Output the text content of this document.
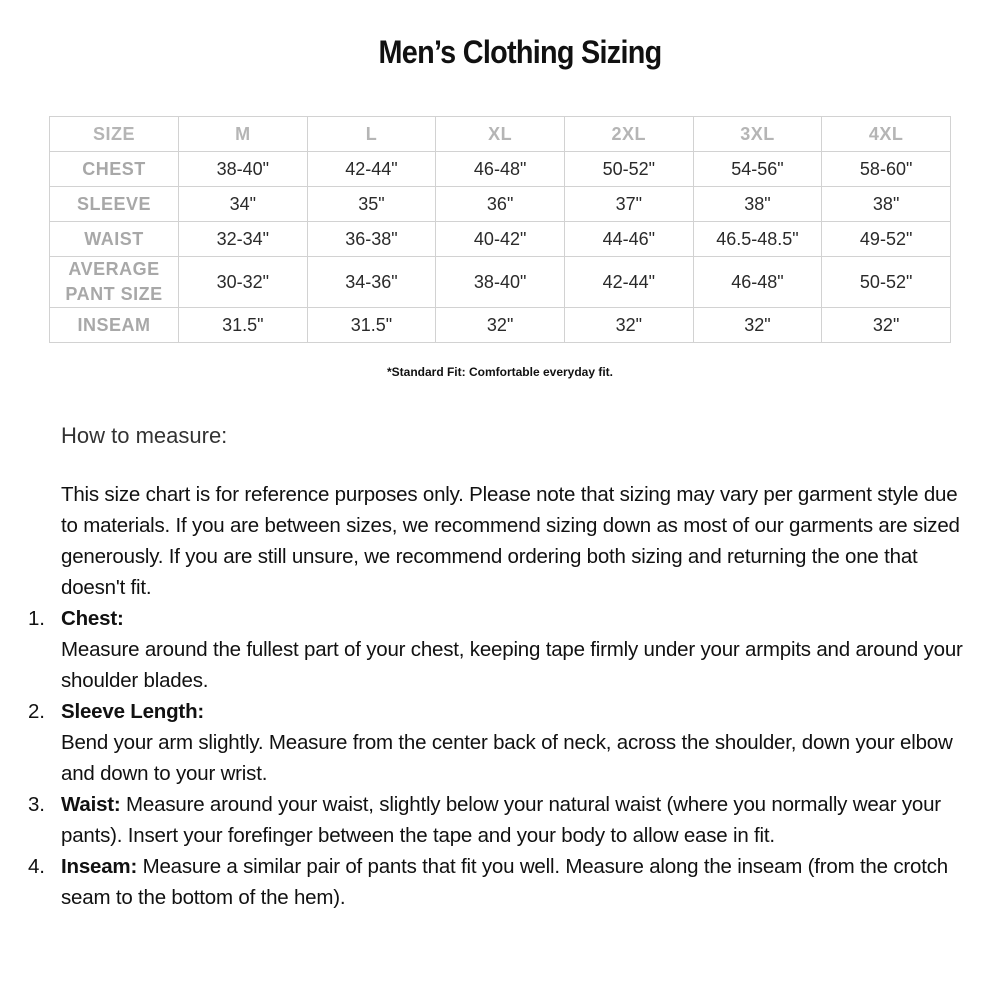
Men’s Clothing Sizing
SIZE	M	L	XL	2XL	3XL	4XL
CHEST	38-40"	42-44"	46-48"	50-52"	54-56"	58-60"
SLEEVE	34"	35"	36"	37"	38"	38"
WAIST	32-34"	36-38"	40-42"	44-46"	46.5-48.5"	49-52"

AVERAGE
PANT SIZE	30-32"	34-36"	38-40"	42-44"	46-48"	50-52"
INSEAM	31.5"	31.5"	32"	32"	32"	32"
*Standard Fit: Comfortable everyday fit.
How to measure:
This size chart is for reference purposes only. Please note that sizing may vary per garment style due to materials. If you are between sizes, we recommend sizing down as most of our garments are sized generously. If you are still unsure, we recommend ordering both sizing and returning the one that doesn't fit.
1. Chest:
Measure around the fullest part of your chest, keeping tape firmly under your armpits and around your shoulder blades.
2. Sleeve Length:
Bend your arm slightly. Measure from the center back of neck, across the shoulder, down your elbow and down to your wrist.
3. Waist: Measure around your waist, slightly below your natural waist (where you normally wear your pants). Insert your forefinger between the tape and your body to allow ease in fit.
4. Inseam: Measure a similar pair of pants that fit you well. Measure along the inseam (from the crotch seam to the bottom of the hem).
